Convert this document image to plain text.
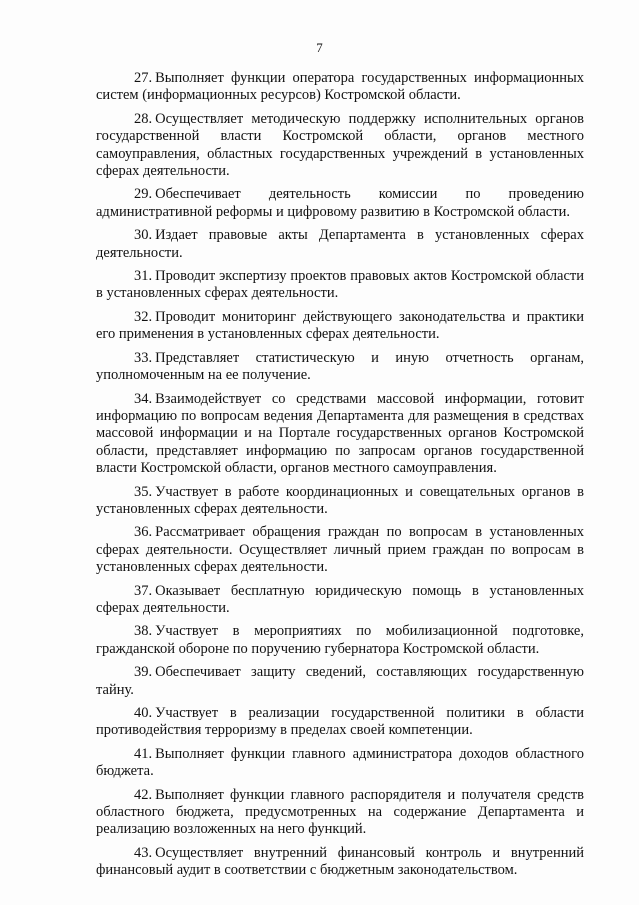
7

27. Выполняет функции оператора государственных информационных систем (информационных ресурсов) Костромской области.

28. Осуществляет методическую поддержку исполнительных органов государственной власти Костромской области, органов местного самоуправления, областных государственных учреждений в установленных сферах деятельности.

29. Обеспечивает деятельность комиссии по проведению административной реформы и цифровому развитию в Костромской области.

30. Издает правовые акты Департамента в установленных сферах деятельности.

31. Проводит экспертизу проектов правовых актов Костромской области в установленных сферах деятельности.

32. Проводит мониторинг действующего законодательства и практики его применения в установленных сферах деятельности.

33. Представляет статистическую и иную отчетность органам, уполномоченным на ее получение.

34. Взаимодействует со средствами массовой информации, готовит информацию по вопросам ведения Департамента для размещения в средствах массовой информации и на Портале государственных органов Костромской области, представляет информацию по запросам органов государственной власти Костромской области, органов местного самоуправления.

35. Участвует в работе координационных и совещательных органов в установленных сферах деятельности.

36. Рассматривает обращения граждан по вопросам в установленных сферах деятельности. Осуществляет личный прием граждан по вопросам в установленных сферах деятельности.

37. Оказывает бесплатную юридическую помощь в установленных сферах деятельности.

38. Участвует в мероприятиях по мобилизационной подготовке, гражданской обороне по поручению губернатора Костромской области.

39. Обеспечивает защиту сведений, составляющих государственную тайну.

40. Участвует в реализации государственной политики в области противодействия терроризму в пределах своей компетенции.

41. Выполняет функции главного администратора доходов областного бюджета.

42. Выполняет функции главного распорядителя и получателя средств областного бюджета, предусмотренных на содержание Департамента и реализацию возложенных на него функций.

43. Осуществляет внутренний финансовый контроль и внутренний финансовый аудит в соответствии с бюджетным законодательством.
